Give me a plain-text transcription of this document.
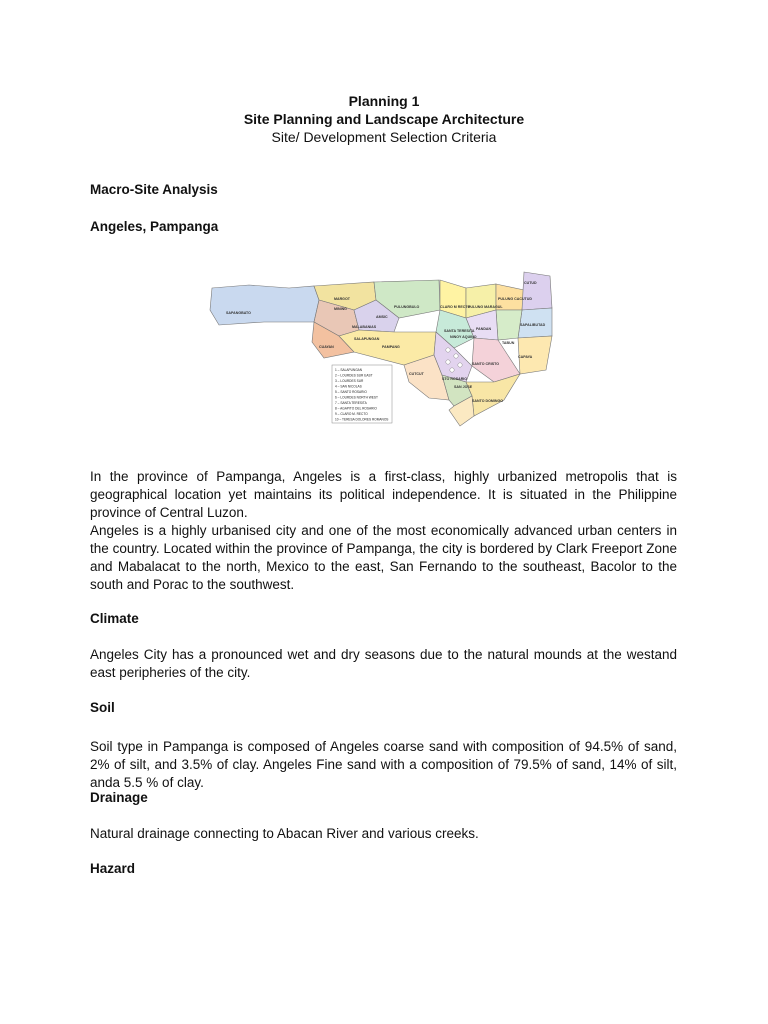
Planning 1
Site Planning and Landscape Architecture
Site/ Development Selection Criteria
Macro-Site Analysis
Angeles, Pampanga
SAPANGBATO
MARGOT
PULUNGBULO	CLARO M RECTO
MALABANIAS
CUTCUT
CUAYAN	PAMPANG
PANDAN
PULUNG CACUTUD
CUTUD
SAPALIBUTAD
TABUN
CAPAYA
SALAPUNGAN
AMSIC
NINOY AQUINO
SANTO DOMINGO
SAN JOSE
SANTA TERESITA
PULUNG MARAGUL
STO ROSARIO
MINING
SANTO CRISTO
1 – SALAPUNGAN
2 – LOURDES SUR EAST
3 – LOURDES SUR
4 – SAN NICOLAS
5 – SANTO ROSARIO
6 – LOURDES NORTH WEST
7 – SANTA TERESITA
8 – AGAPITO DEL ROSARIO
9 – CLARO M. RECTO
10 – TERESA DOLORES ROMANOS

In the province of Pampanga, Angeles is a first-class, highly urbanized metropolis that is geographical location yet maintains its political independence. It is situated in the Philippine province of Central Luzon.

Angeles is a highly urbanised city and one of the most economically advanced urban centers in the country. Located within the province of Pampanga, the city is bordered by Clark Freeport Zone and Mabalacat to the north, Mexico to the east, San Fernando to the southeast, Bacolor to the south and Porac to the southwest.

Climate

Angeles City has a pronounced wet and dry seasons due to the natural mounds at the westand east peripheries of the city.

Soil

Soil type in Pampanga is composed of Angeles coarse sand with composition of 94.5% of sand, 2% of silt, and 3.5% of clay. Angeles Fine sand with a composition of 79.5% of sand, 14% of silt, anda 5.5 % of clay.

Drainage

Natural drainage connecting to Abacan River and various creeks.

Hazard
